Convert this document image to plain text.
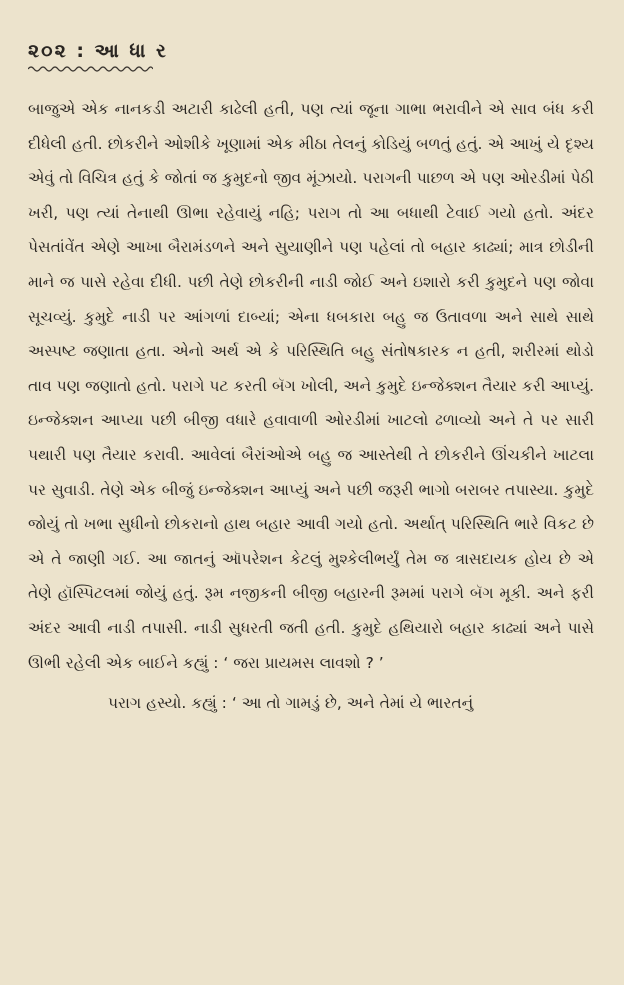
૨૦૨ : આ ધા ર

બાજુએ એક નાનકડી અટારી કાઢેલી હતી, પણ ત્યાં જૂના ગાભા ભરાવીને એ સાવ બંધ કરી દીધેલી હતી. છોકરીને ઓશીકે ખૂણામાં એક મીઠા તેલનું કોડિયું બળતું હતું. એ આખું યે દૃશ્ય એવું તો વિચિત્ર હતું કે જોતાં જ કુમુદનો જીવ મૂંઝાયો. પરાગની પાછળ એ પણ ઓરડીમાં પેઠી ખરી, પણ ત્યાં તેનાથી ઊભા રહેવાયું નહિ; પરાગ તો આ બધાથી ટેવાઈ ગયો હતો. અંદર પેસતાંવેંત એણે આખા બૈરામંડળને અને સુયાણીને પણ પહેલાં તો બહાર કાઢ્યાં; માત્ર છોડીની માને જ પાસે રહેવા દીધી. પછી તેણે છોકરીની નાડી જોઈ અને ઇશારો કરી કુમુદને પણ જોવા સૂચવ્યું. કુમુદે નાડી પર આંગળાં દાબ્યાં; એના ધબકારા બહુ જ ઉતાવળા અને સાથે સાથે અસ્પષ્ટ જણાતા હતા. એનો અર્થ એ કે પરિસ્થિતિ બહુ સંતોષકારક ન હતી, શરીરમાં થોડો તાવ પણ જણાતો હતો. પરાગે પટ કરતી બૅગ ખોલી, અને કુમુદે ઇન્જેક્શન તૈયાર કરી આપ્યું. ઇન્જેક્શન આપ્યા પછી બીજી વધારે હવાવાળી ઓરડીમાં ખાટલો ઢળાવ્યો અને તે પર સારી પથારી પણ તૈયાર કરાવી. આવેલાં બૈરાંઓએ બહુ જ આસ્તેથી તે છોકરીને ઊંચકીને ખાટલા પર સુવાડી. તેણે એક બીજું ઇન્જેક્શન આપ્યું અને પછી જરૂરી ભાગો બરાબર તપાસ્યા. કુમુદે જોયું તો ખભા સુધીનો છોકરાનો હાથ બહાર આવી ગયો હતો. અર્થાત્ પરિસ્થિતિ ભારે વિકટ છે એ તે જાણી ગઈ. આ જાતનું ઑપરેશન કેટલું મુશ્કેલીભર્યું તેમ જ ત્રાસદાયક હોય છે એ તેણે હૉસ્પિટલમાં જોયું હતું. રૂમ નજીકની બીજી બહારની રૂમમાં પરાગે બૅગ મૂકી. અને ફરી અંદર આવી નાડી તપાસી. નાડી સુધરતી જતી હતી. કુમુદે હથિયારો બહાર કાઢ્યાં અને પાસે ઊભી રહેલી એક બાઈને કહ્યું : ‘ જરા પ્રાયમસ લાવશો ? ’

પરાગ હસ્યો. કહ્યું : ‘ આ તો ગામડું છે, અને તેમાં યે ભારતનું
